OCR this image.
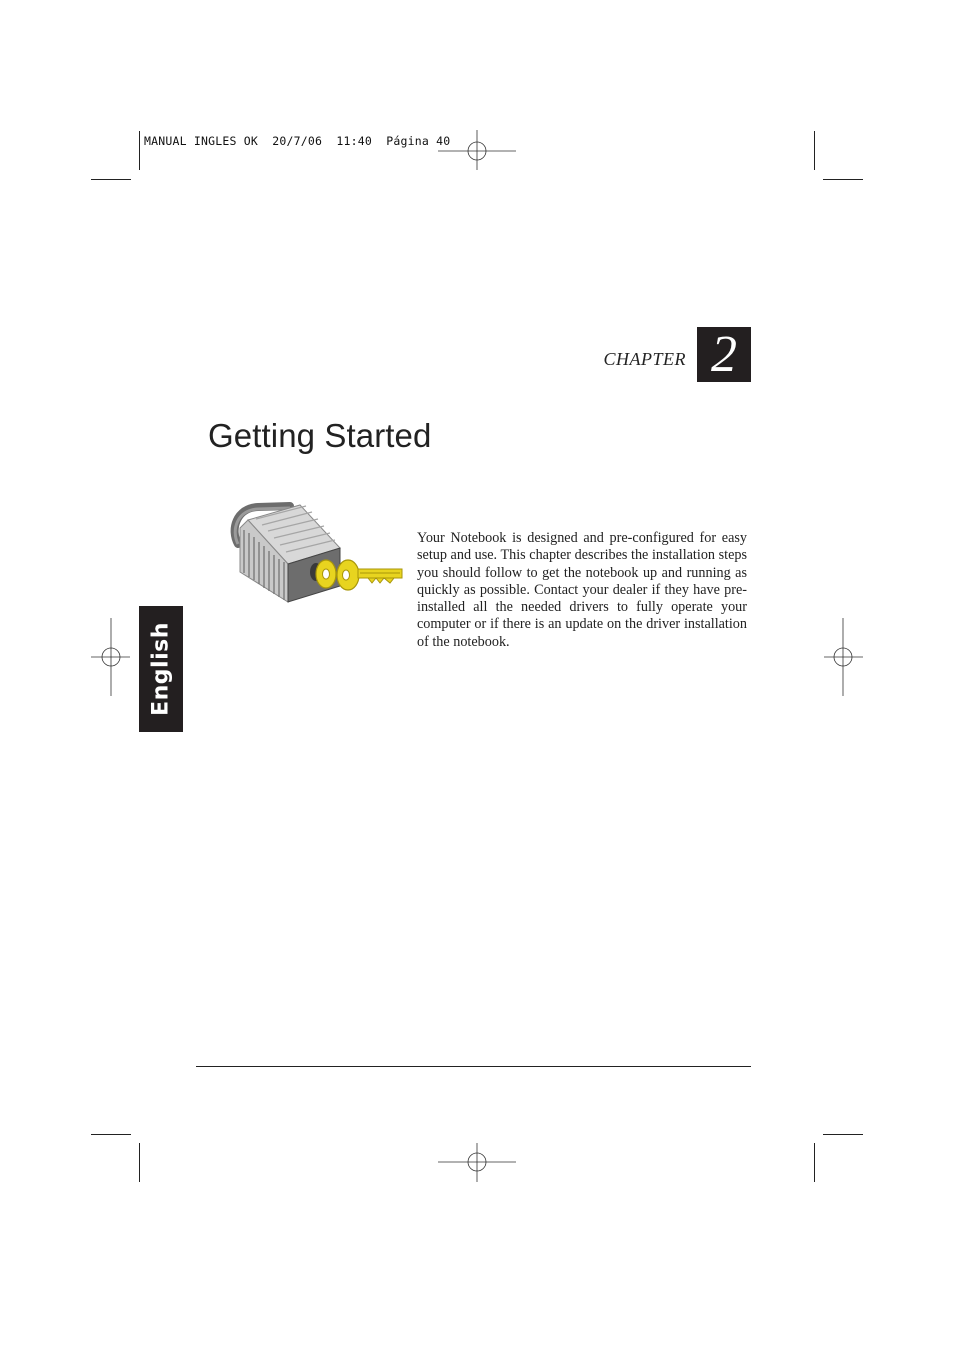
MANUAL INGLES OK  20/7/06  11:40  Página 40
CHAPTER 2
Getting Started
English
Your Notebook is designed and pre-configured for easy setup and use. This chapter describes the installation steps you should follow to get the notebook up and running as quickly as possible. Contact your dealer if they have pre-installed all the needed drivers to fully operate your computer or if there is an update on the driver installation of the notebook.
